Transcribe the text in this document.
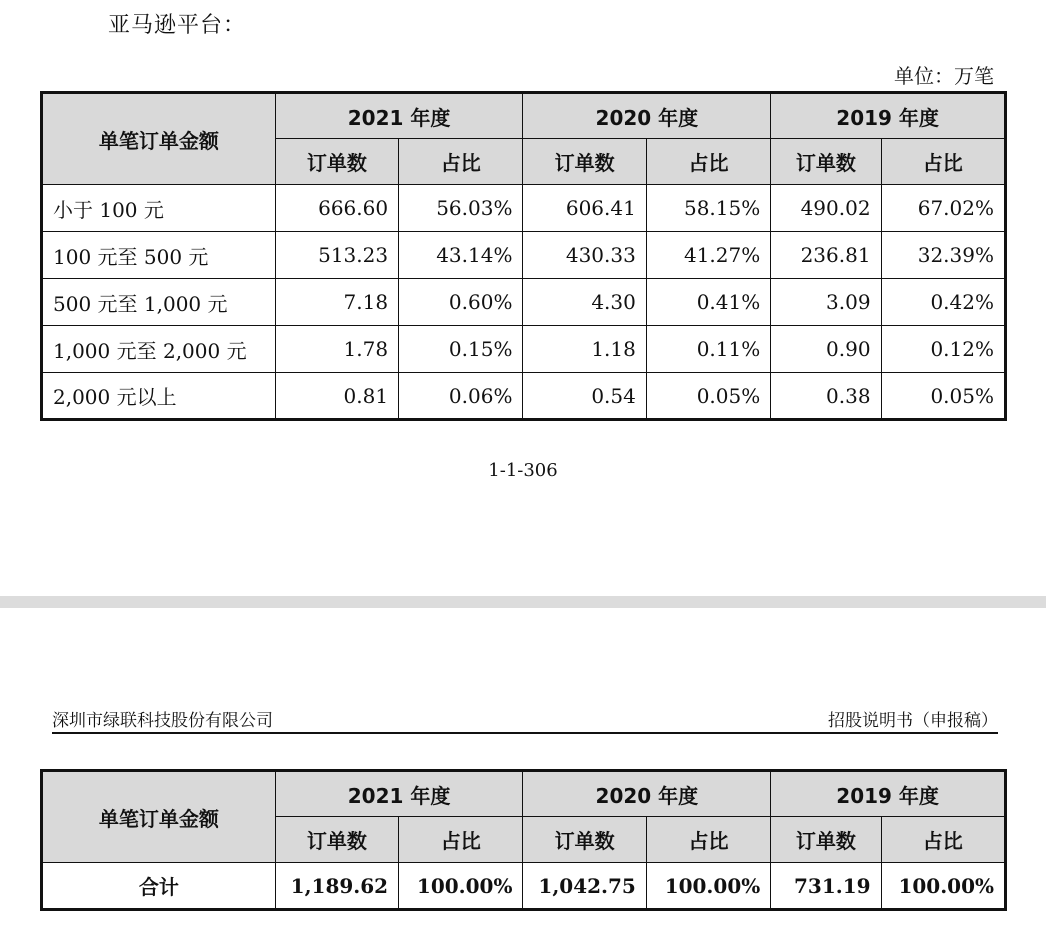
亚马逊平台：
单位：万笔
单笔订单金额	2021 年度		2020 年度		2019 年度	
	订单数	占比	订单数	占比	订单数	占比
小于 100 元	666.60	56.03%	606.41	58.15%	490.02	67.02%
100 元至 500 元	513.23	43.14%	430.33	41.27%	236.81	32.39%
500 元至 1,000 元	7.18	0.60%	4.30	0.41%	3.09	0.42%
1,000 元至 2,000 元	1.78	0.15%	1.18	0.11%	0.90	0.12%
2,000 元以上	0.81	0.06%	0.54	0.05%	0.38	0.05%
1-1-306
深圳市绿联科技股份有限公司	招股说明书（申报稿）
单笔订单金额	2021 年度		2020 年度		2019 年度	
	订单数	占比	订单数	占比	订单数	占比
合计	1,189.62	100.00%	1,042.75	100.00%	731.19	100.00%
